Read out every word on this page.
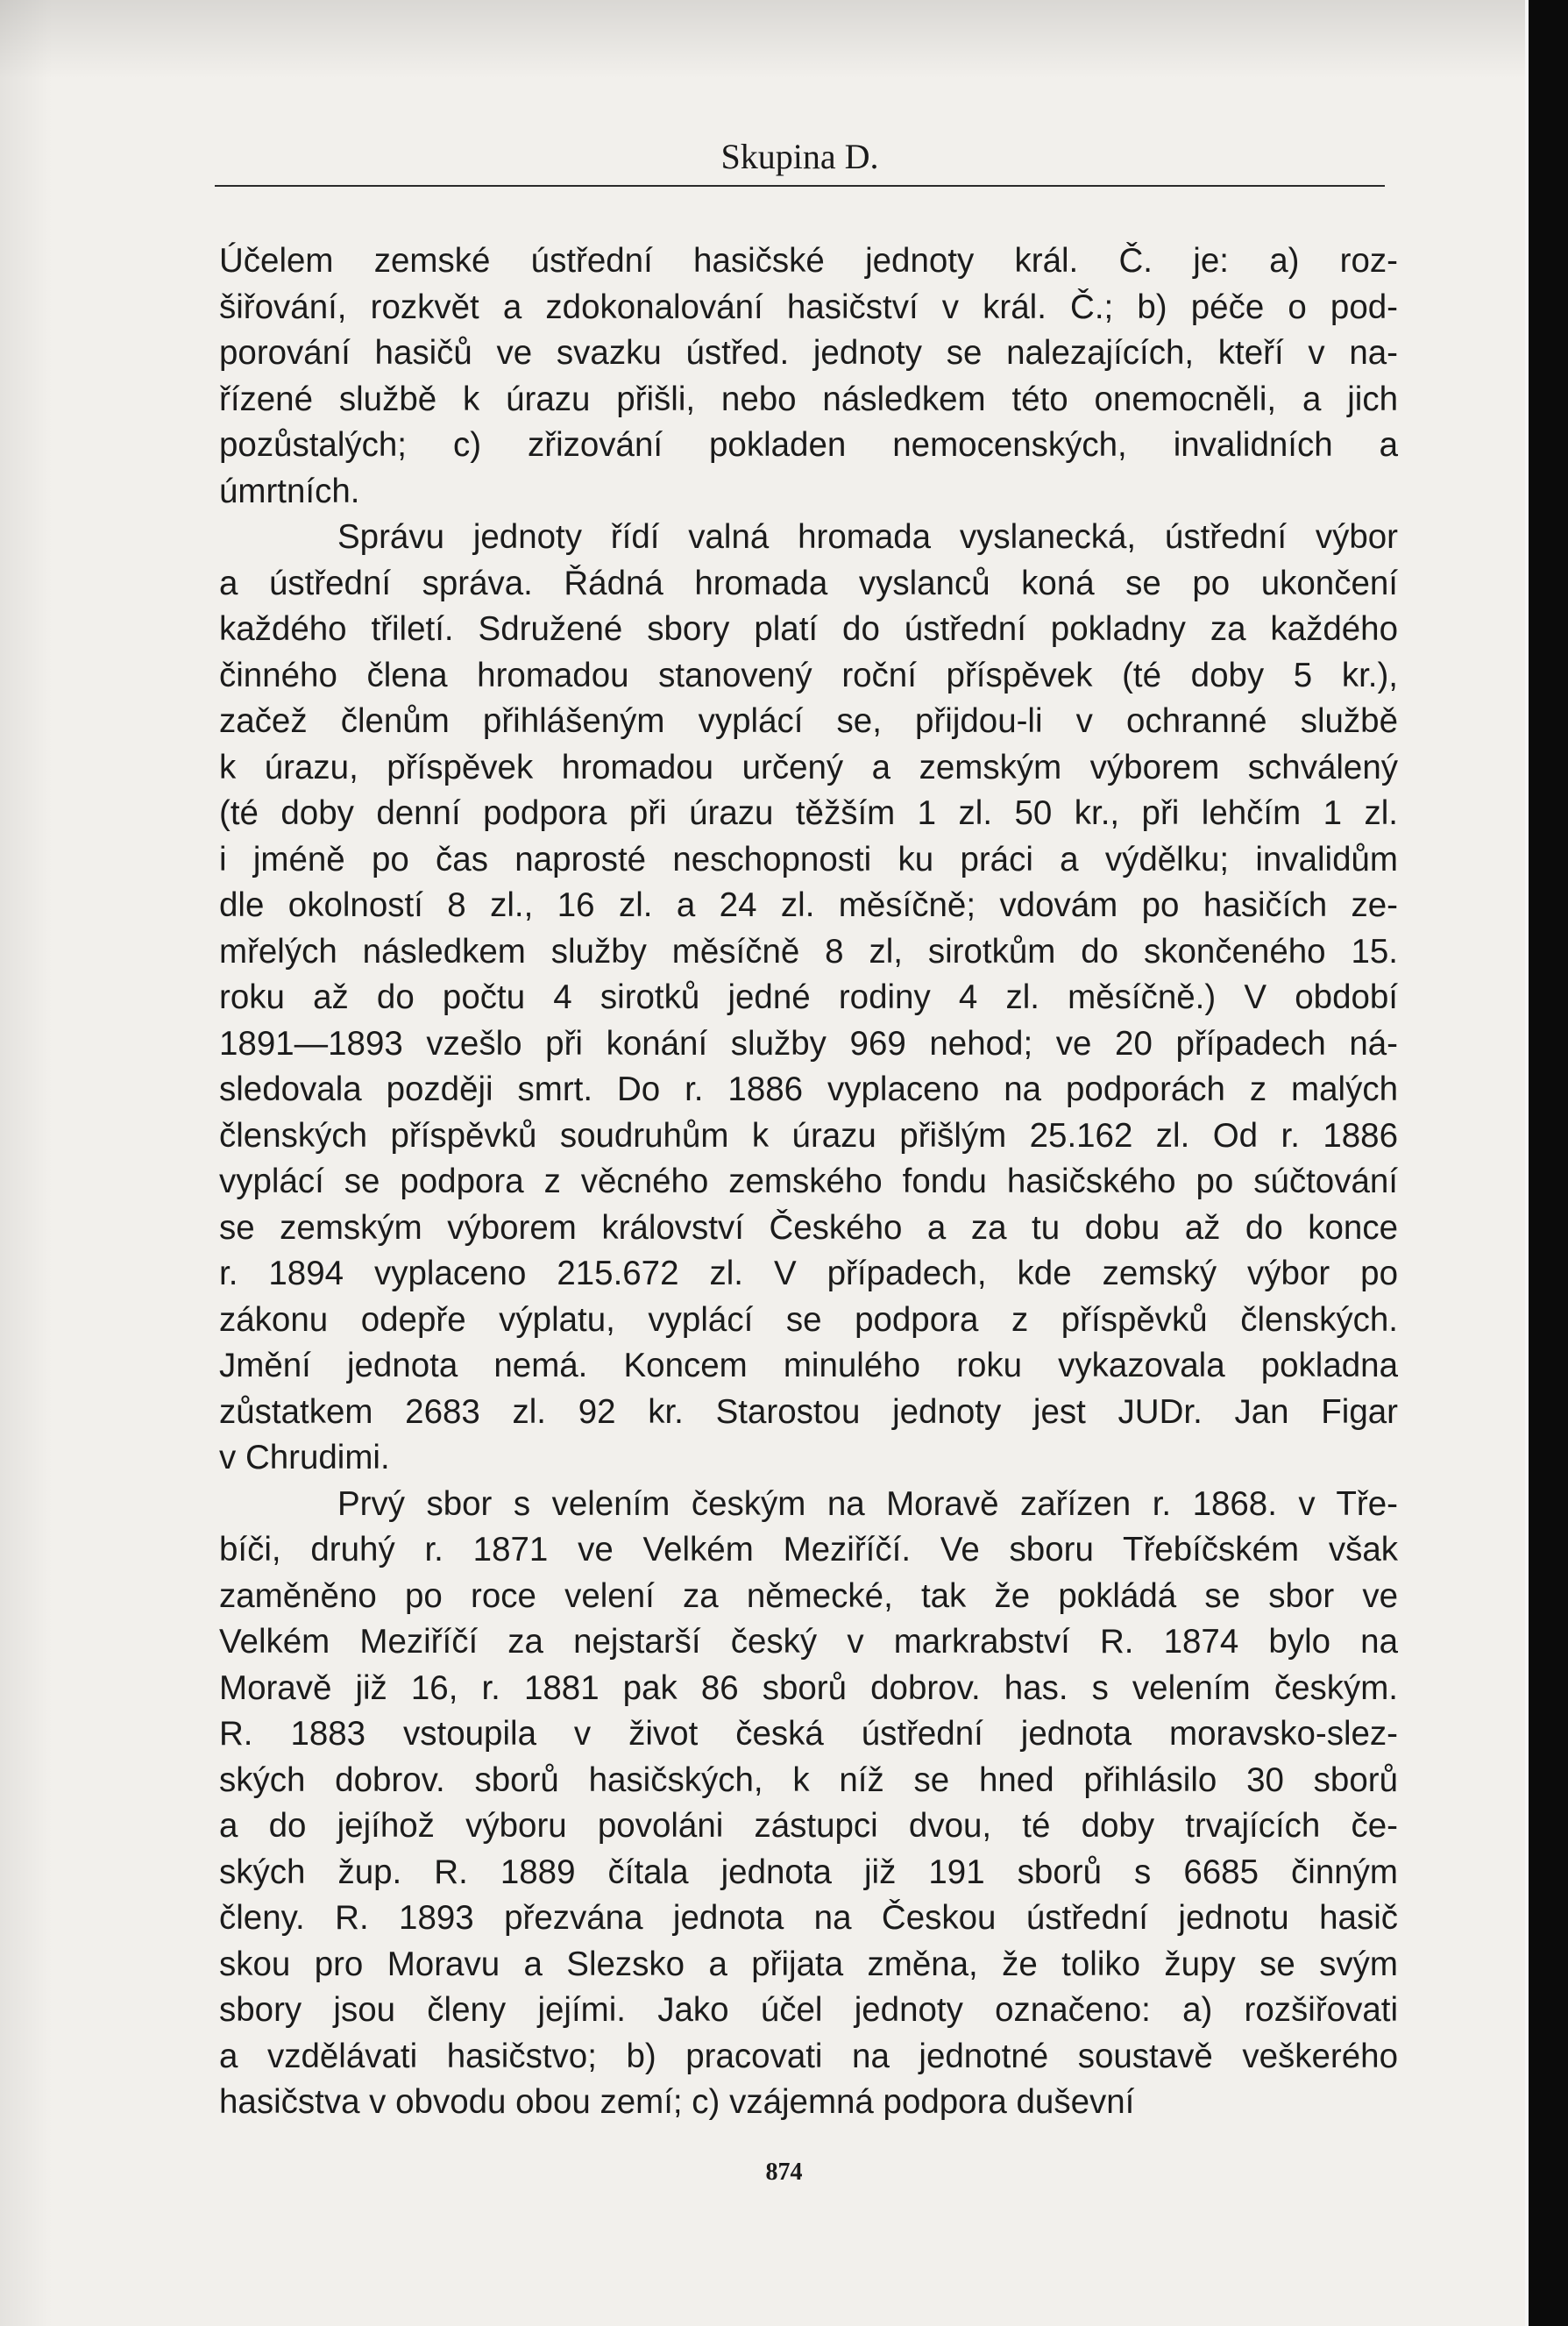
Skupina D.

Účelem zemské ústřední hasičské jednoty král. Č. je: a) roz-
šiřování, rozkvět a zdokonalování hasičství v král. Č.; b) péče o pod-
porování hasičů ve svazku ústřed. jednoty se nalezajících, kteří v na-
řízené službě k úrazu přišli, nebo následkem této onemocněli, a jich
pozůstalých; c) zřizování pokladen nemocenských, invalidních a
úmrtních.

Správu jednoty řídí valná hromada vyslanecká, ústřední výbor
a ústřední správa. Řádná hromada vyslanců koná se po ukončení
každého třiletí. Sdružené sbory platí do ústřední pokladny za každého
činného člena hromadou stanovený roční příspěvek (té doby 5 kr.),
začež členům přihlášeným vyplácí se, přijdou-li v ochranné službě
k úrazu, příspěvek hromadou určený a zemským výborem schválený
(té doby denní podpora při úrazu těžším 1 zl. 50 kr., při lehčím 1 zl.
i jméně po čas naprosté neschopnosti ku práci a výdělku; invalidům
dle okolností 8 zl., 16 zl. a 24 zl. měsíčně; vdovám po hasičích ze-
mřelých následkem služby měsíčně 8 zl, sirotkům do skončeného 15.
roku až do počtu 4 sirotků jedné rodiny 4 zl. měsíčně.) V období
1891—1893 vzešlo při konání služby 969 nehod; ve 20 případech ná-
sledovala později smrt. Do r. 1886 vyplaceno na podporách z malých
členských příspěvků soudruhům k úrazu přišlým 25.162 zl. Od r. 1886
vyplácí se podpora z věcného zemského fondu hasičského po súčtování
se zemským výborem království Českého a za tu dobu až do konce
r. 1894 vyplaceno 215.672 zl. V případech, kde zemský výbor po
zákonu odepře výplatu, vyplácí se podpora z příspěvků členských.
Jmění jednota nemá. Koncem minulého roku vykazovala pokladna
zůstatkem 2683 zl. 92 kr. Starostou jednoty jest JUDr. Jan Figar
v Chrudimi.

Prvý sbor s velením českým na Moravě zařízen r. 1868. v Tře-
bíči, druhý r. 1871 ve Velkém Meziříčí. Ve sboru Třebíčském však
zaměněno po roce velení za německé, tak že pokládá se sbor ve
Velkém Meziříčí za nejstarší český v markrabství R. 1874 bylo na
Moravě již 16, r. 1881 pak 86 sborů dobrov. has. s velením českým.
R. 1883 vstoupila v život česká ústřední jednota moravsko-slez-
ských dobrov. sborů hasičských, k níž se hned přihlásilo 30 sborů
a do jejíhož výboru povoláni zástupci dvou, té doby trvajících če-
ských žup. R. 1889 čítala jednota již 191 sborů s 6685 činným
členy. R. 1893 přezvána jednota na Českou ústřední jednotu hasič
skou pro Moravu a Slezsko a přijata změna, že toliko župy se svým
sbory jsou členy jejími. Jako účel jednoty označeno: a) rozšiřovati
a vzdělávati hasičstvo; b) pracovati na jednotné soustavě veškerého
hasičstva v obvodu obou zemí; c) vzájemná podpora duševní

874
